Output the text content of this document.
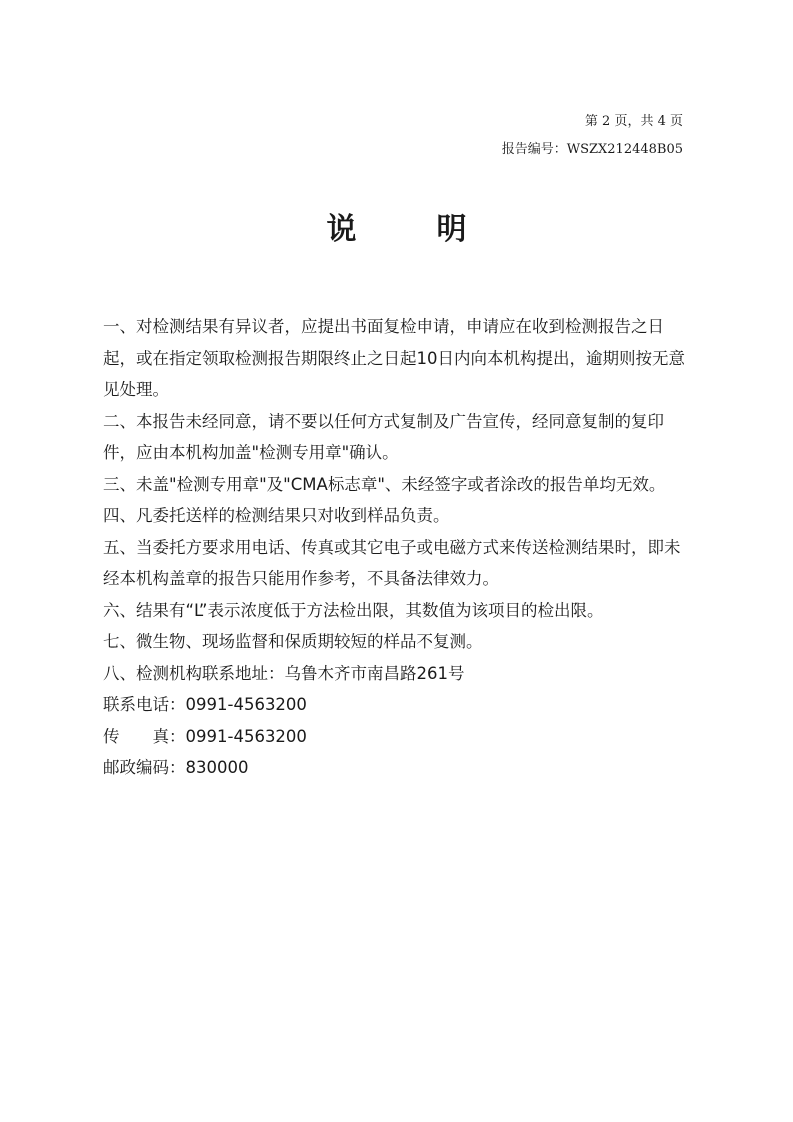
第 2 页，共 4 页
报告编号：WSZX212448B05
说明

一、对检测结果有异议者，应提出书面复检申请，申请应在收到检测报告之日起，或在指定领取检测报告期限终止之日起10日内向本机构提出，逾期则按无意见处理。

二、本报告未经同意，请不要以任何方式复制及广告宣传，经同意复制的复印件，应由本机构加盖"检测专用章"确认。

三、未盖"检测专用章"及"CMA标志章"、未经签字或者涂改的报告单均无效。

四、凡委托送样的检测结果只对收到样品负责。

五、当委托方要求用电话、传真或其它电子或电磁方式来传送检测结果时，即未经本机构盖章的报告只能用作参考，不具备法律效力。

六、结果有“L”表示浓度低于方法检出限，其数值为该项目的检出限。

七、微生物、现场监督和保质期较短的样品不复测。

八、检测机构联系地址：乌鲁木齐市南昌路261号

联系电话：0991-4563200

传　　真：0991-4563200

邮政编码：830000
